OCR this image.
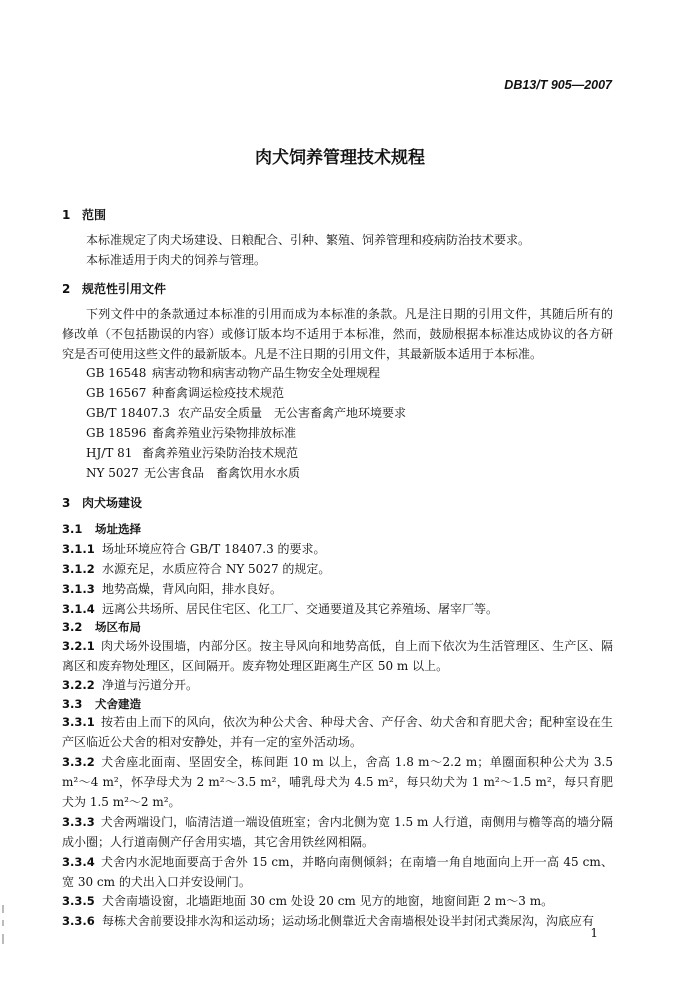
DB13/T 905—2007
肉犬饲养管理技术规程
1 范围
本标准规定了肉犬场建设、日粮配合、引种、繁殖、饲养管理和疫病防治技术要求。
本标准适用于肉犬的饲养与管理。
2 规范性引用文件
下列文件中的条款通过本标准的引用而成为本标准的条款。凡是注日期的引用文件，其随后所有的修改单（不包括勘误的内容）或修订版本均不适用于本标准，然而，鼓励根据本标准达成协议的各方研究是否可使用这些文件的最新版本。凡是不注日期的引用文件，其最新版本适用于本标准。
GB 16548 病害动物和病害动物产品生物安全处理规程
GB 16567 种畜禽调运检疫技术规范
GB/T 18407.3 农产品安全质量　无公害畜禽产地环境要求
GB 18596 畜禽养殖业污染物排放标准
HJ/T 81 畜禽养殖业污染防治技术规范
NY 5027 无公害食品　畜禽饮用水水质
3 肉犬场建设
3.1 场址选择
3.1.1 场址环境应符合 GB/T 18407.3 的要求。
3.1.2 水源充足，水质应符合 NY 5027 的规定。
3.1.3 地势高燥，背风向阳，排水良好。
3.1.4 远离公共场所、居民住宅区、化工厂、交通要道及其它养殖场、屠宰厂等。
3.2 场区布局
3.2.1 肉犬场外设围墙，内部分区。按主导风向和地势高低，自上而下依次为生活管理区、生产区、隔离区和废弃物处理区，区间隔开。废弃物处理区距离生产区 50 m 以上。
3.2.2 净道与污道分开。
3.3 犬舍建造
3.3.1 按若由上而下的风向，依次为种公犬舍、种母犬舍、产仔舍、幼犬舍和育肥犬舍；配种室设在生产区临近公犬舍的相对安静处，并有一定的室外活动场。
3.3.2 犬舍座北面南、坚固安全，栋间距 10 m 以上，舍高 1.8 m～2.2 m；单圈面积种公犬为 3.5 m²～4 m²，怀孕母犬为 2 m²～3.5 m²，哺乳母犬为 4.5 m²，每只幼犬为 1 m²～1.5 m²，每只育肥犬为 1.5 m²～2 m²。
3.3.3 犬舍两端设门，临清洁道一端设值班室；舍内北侧为宽 1.5 m 人行道，南侧用与檐等高的墙分隔成小圈；人行道南侧产仔舍用实墙，其它舍用铁丝网相隔。
3.3.4 犬舍内水泥地面要高于舍外 15 cm，并略向南侧倾斜；在南墙一角自地面向上开一高 45 cm、宽 30 cm 的犬出入口并安设闸门。
3.3.5 犬舍南墙设窗，北墙距地面 30 cm 处设 20 cm 见方的地窗，地窗间距 2 m～3 m。
3.3.6 每栋犬舍前要设排水沟和运动场；运动场北侧靠近犬舍南墙根处设半封闭式粪尿沟，沟底应有
1
